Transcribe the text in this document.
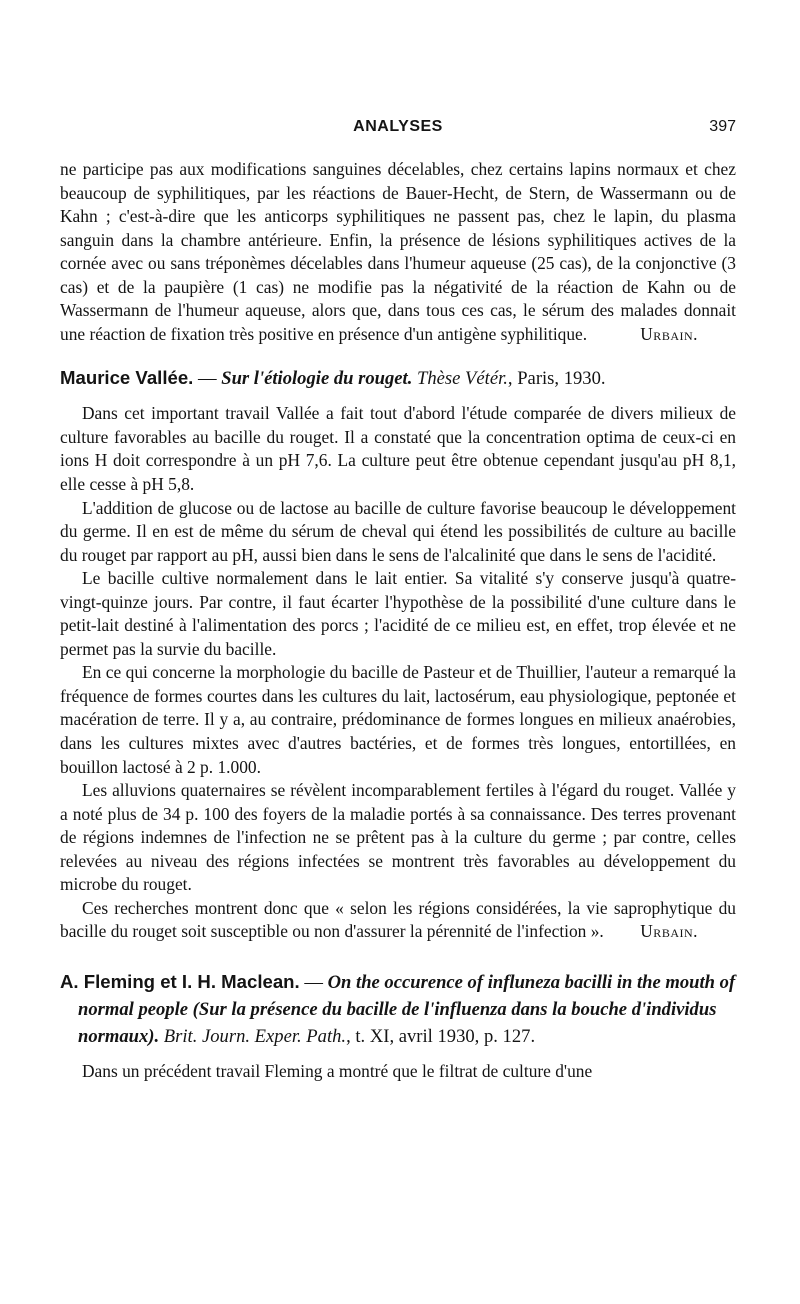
ANALYSES	397

ne participe pas aux modifications sanguines décelables, chez certains lapins normaux et chez beaucoup de syphilitiques, par les réactions de Bauer-Hecht, de Stern, de Wassermann ou de Kahn ; c'est-à-dire que les anticorps syphilitiques ne passent pas, chez le lapin, du plasma sanguin dans la chambre antérieure. Enfin, la présence de lésions syphilitiques actives de la cornée avec ou sans tréponèmes décelables dans l'humeur aqueuse (25 cas), de la conjonctive (3 cas) et de la paupière (1 cas) ne modifie pas la négativité de la réaction de Kahn ou de Wassermann de l'humeur aqueuse, alors que, dans tous ces cas, le sérum des malades donnait une réaction de fixation très positive en présence d'un antigène syphilitique.	Urbain.

Maurice Vallée. — Sur l'étiologie du rouget. Thèse Vétér., Paris, 1930.

Dans cet important travail Vallée a fait tout d'abord l'étude comparée de divers milieux de culture favorables au bacille du rouget. Il a constaté que la concentration optima de ceux-ci en ions H doit correspondre à un pH 7,6. La culture peut être obtenue cependant jusqu'au pH 8,1, elle cesse à pH 5,8.

L'addition de glucose ou de lactose au bacille de culture favorise beaucoup le développement du germe. Il en est de même du sérum de cheval qui étend les possibilités de culture au bacille du rouget par rapport au pH, aussi bien dans le sens de l'alcalinité que dans le sens de l'acidité.

Le bacille cultive normalement dans le lait entier. Sa vitalité s'y conserve jusqu'à quatre-vingt-quinze jours. Par contre, il faut écarter l'hypothèse de la possibilité d'une culture dans le petit-lait destiné à l'alimentation des porcs ; l'acidité de ce milieu est, en effet, trop élevée et ne permet pas la survie du bacille.

En ce qui concerne la morphologie du bacille de Pasteur et de Thuillier, l'auteur a remarqué la fréquence de formes courtes dans les cultures du lait, lactosérum, eau physiologique, peptonée et macération de terre. Il y a, au contraire, prédominance de formes longues en milieux anaérobies, dans les cultures mixtes avec d'autres bactéries, et de formes très longues, entortillées, en bouillon lactosé à 2 p. 1.000.

Les alluvions quaternaires se révèlent incomparablement fertiles à l'égard du rouget. Vallée y a noté plus de 34 p. 100 des foyers de la maladie portés à sa connaissance. Des terres provenant de régions indemnes de l'infection ne se prêtent pas à la culture du germe ; par contre, celles relevées au niveau des régions infectées se montrent très favorables au développement du microbe du rouget.

Ces recherches montrent donc que « selon les régions considérées, la vie saprophytique du bacille du rouget soit susceptible ou non d'assurer la pérennité de l'infection ».	Urbain.

A. Fleming et I. H. Maclean. — On the occurence of influneza bacilli in the mouth of normal people (Sur la présence du bacille de l'influenza dans la bouche d'individus normaux). Brit. Journ. Exper. Path., t. XI, avril 1930, p. 127.

Dans un précédent travail Fleming a montré que le filtrat de culture d'une
